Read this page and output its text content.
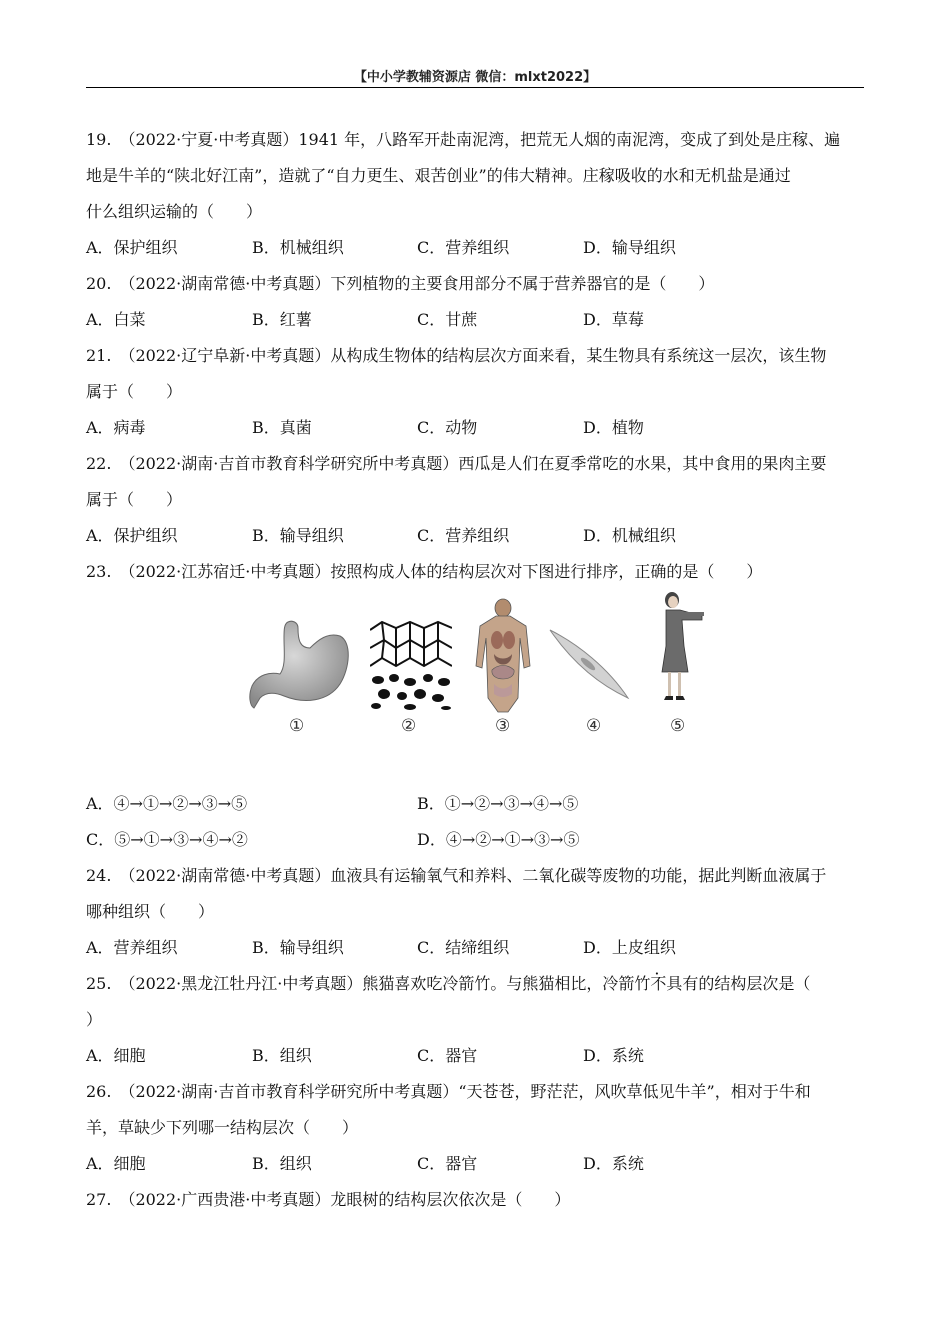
【中小学教辅资源店 微信：mlxt2022】

19.　（2022·宁夏·中考真题）1941 年，八路军开赴南泥湾，把荒无人烟的南泥湾，变成了到处是庄稼、遍

地是牛羊的“陕北好江南”，造就了“自力更生、艰苦创业”的伟大精神。庄稼吸收的水和无机盐是通过

什么组织运输的（　　）

A．保护组织	B．机械组织	C．营养组织	D．输导组织

20.　（2022·湖南常德·中考真题）下列植物的主要食用部分不属于营养器官的是（　　）

A．白菜	B．红薯	C．甘蔗	D．草莓

21.　（2022·辽宁阜新·中考真题）从构成生物体的结构层次方面来看，某生物具有系统这一层次，该生物

属于（　　）

A．病毒	B．真菌	C．动物	D．植物

22.　（2022·湖南·吉首市教育科学研究所中考真题）西瓜是人们在夏季常吃的水果，其中食用的果肉主要

属于（　　）

A．保护组织	B．输导组织	C．营养组织	D．机械组织

23.　（2022·江苏宿迁·中考真题）按照构成人体的结构层次对下图进行排序，正确的是（　　）

①	②	③	④	⑤
A．④→①→②→③→⑤	B．①→②→③→④→⑤
C．⑤→①→③→④→②	D．④→②→①→③→⑤

24.　（2022·湖南常德·中考真题）血液具有运输氧气和养料、二氧化碳等废物的功能，据此判断血液属于

哪种组织（　　）

A．营养组织	B．输导组织	C．结缔组织	D．上皮组织

25.　（2022·黑龙江牡丹江·中考真题）熊猫喜欢吃冷箭竹。与熊猫相比，冷箭竹不具有的结构层次是（

）

A．细胞	B．组织	C．器官	D．系统

26.　（2022·湖南·吉首市教育科学研究所中考真题）“天苍苍，野茫茫，风吹草低见牛羊”，相对于牛和

羊，草缺少下列哪一结构层次（　　）

A．细胞	B．组织	C．器官	D．系统

27.　（2022·广西贵港·中考真题）龙眼树的结构层次依次是（　　）
